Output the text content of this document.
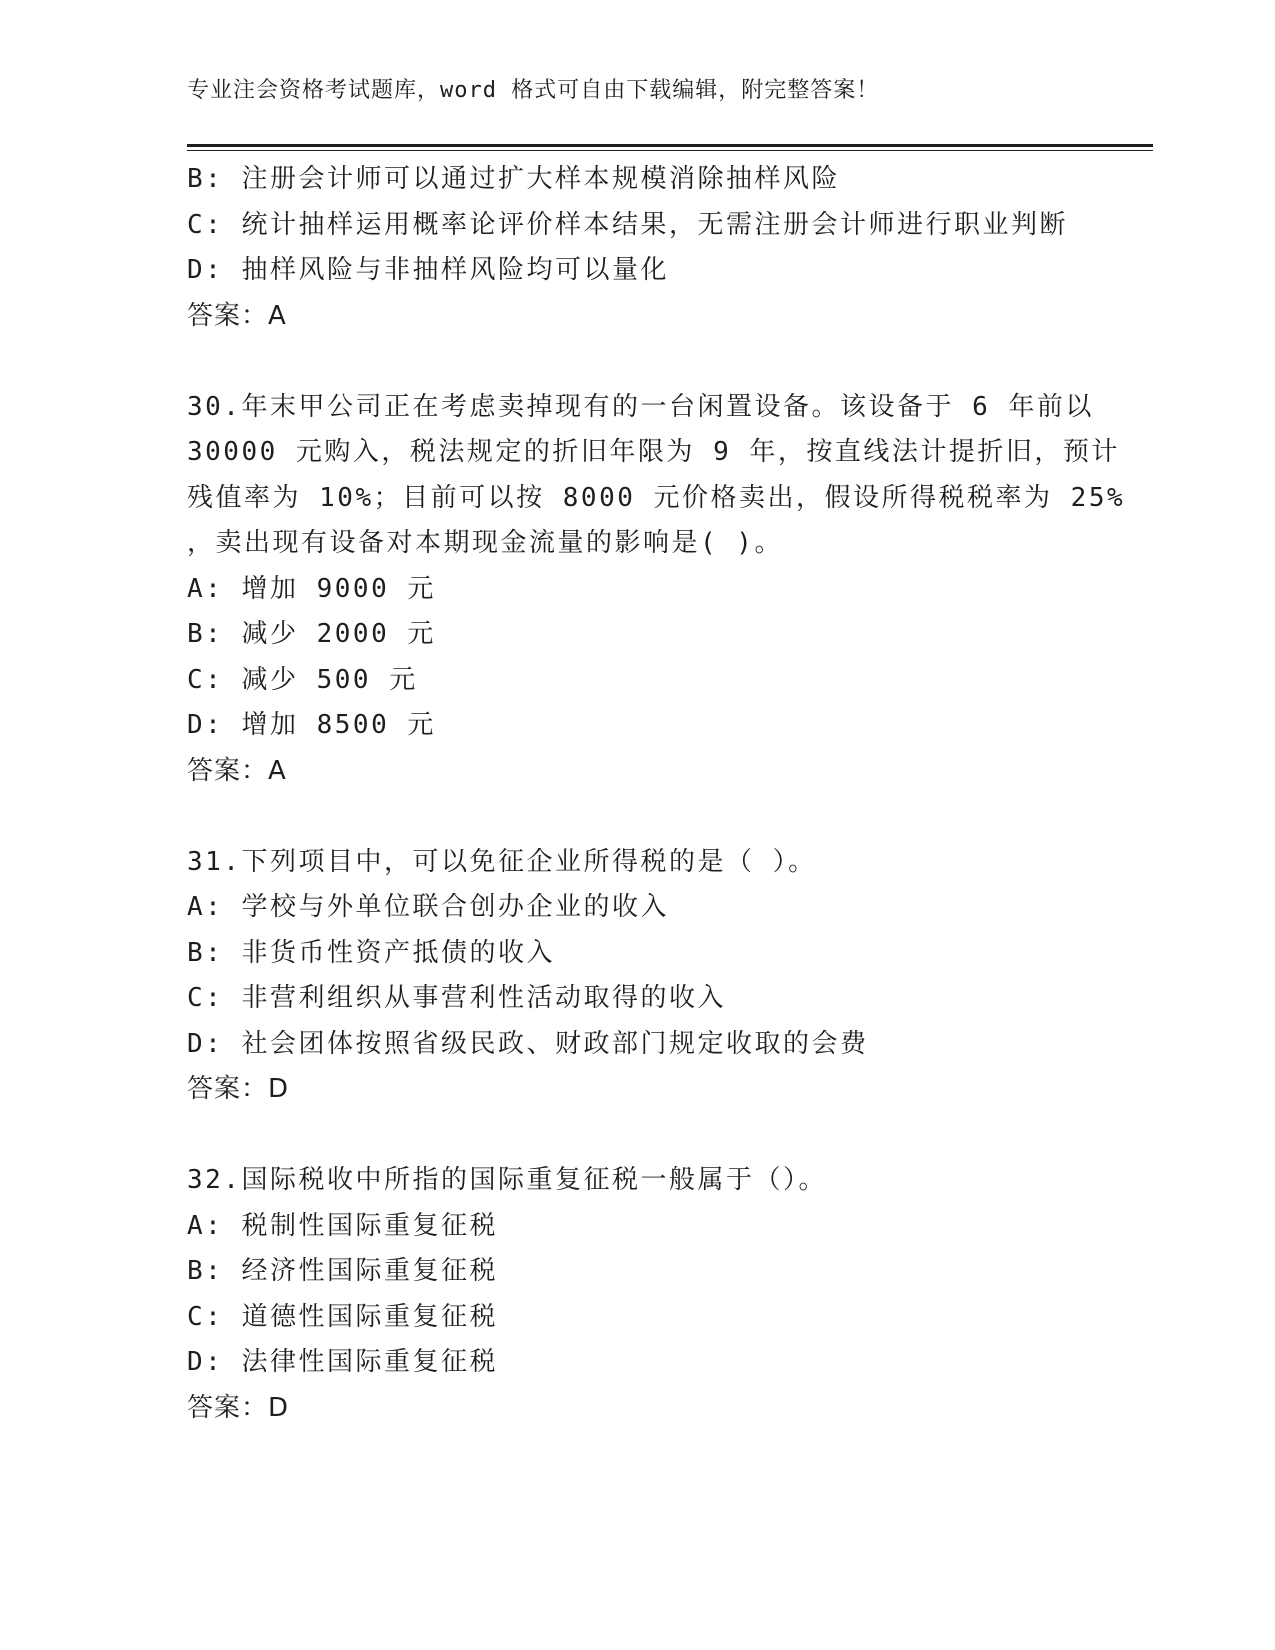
专业注会资格考试题库，word 格式可自由下载编辑，附完整答案！
B: 注册会计师可以通过扩大样本规模消除抽样风险
C: 统计抽样运用概率论评价样本结果，无需注册会计师进行职业判断
D: 抽样风险与非抽样风险均可以量化
答案：A
30.年末甲公司正在考虑卖掉现有的一台闲置设备。该设备于 6 年前以
30000 元购入，税法规定的折旧年限为 9 年，按直线法计提折旧，预计
残值率为 10%；目前可以按 8000 元价格卖出，假设所得税税率为 25%
，卖出现有设备对本期现金流量的影响是( )。
A: 增加 9000 元
B: 减少 2000 元
C: 减少 500 元
D: 增加 8500 元
答案：A
31.下列项目中，可以免征企业所得税的是（ ）。
A: 学校与外单位联合创办企业的收入
B: 非货币性资产抵债的收入
C: 非营利组织从事营利性活动取得的收入
D: 社会团体按照省级民政、财政部门规定收取的会费
答案：D
32.国际税收中所指的国际重复征税一般属于（）。
A: 税制性国际重复征税
B: 经济性国际重复征税
C: 道德性国际重复征税
D: 法律性国际重复征税
答案：D
